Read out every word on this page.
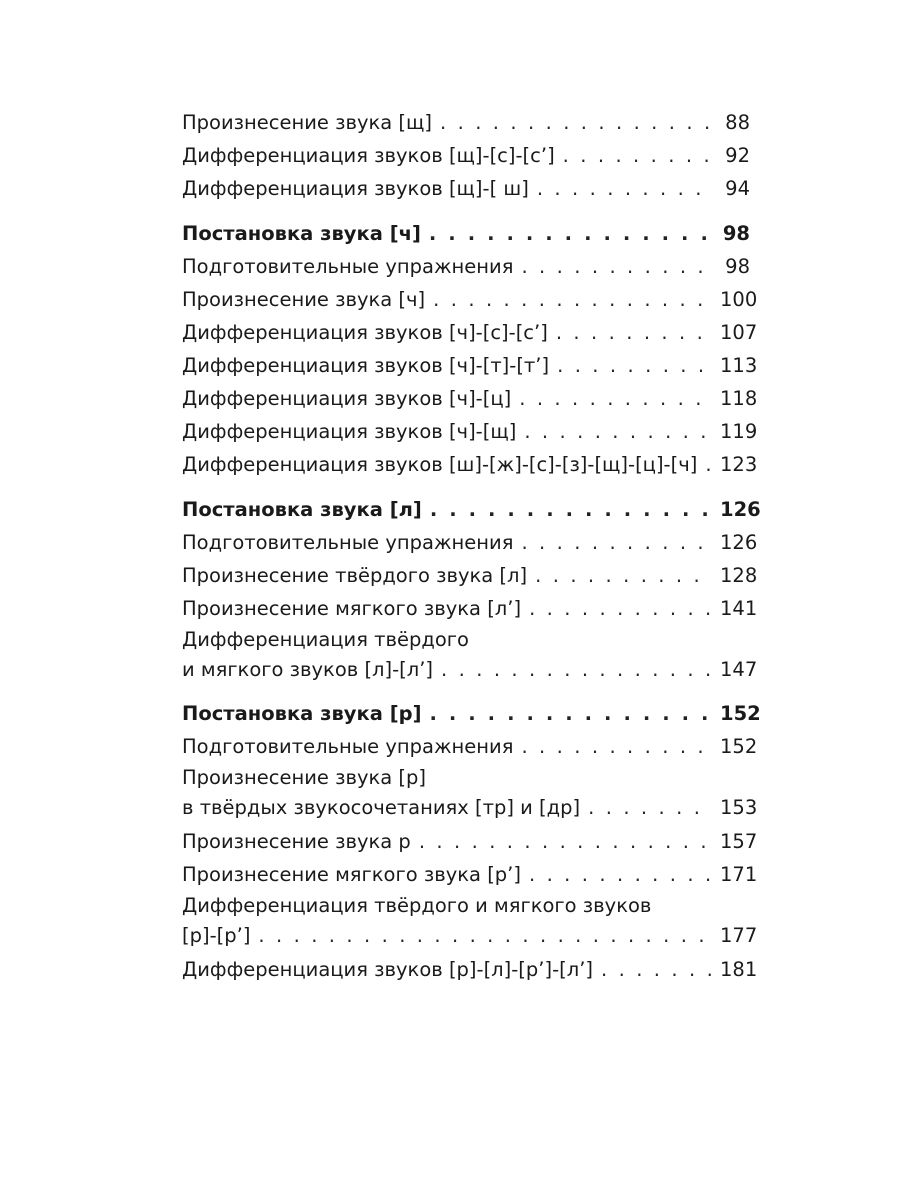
Произнесение звука [щ] . . .	88
Дифференциация звуков [щ]-[с]-[с’] . . .	92
Дифференциация звуков [щ]-[ ш] . . .	94
Постановка звука [ч] . . .	98
Подготовительные упражнения . . .	98
Произнесение звука [ч] . . .	100
Дифференциация звуков [ч]-[с]-[с’] . . .	107
Дифференциация звуков [ч]-[т]-[т’] . . .	113
Дифференциация звуков [ч]-[ц] . . .	118
Дифференциация звуков [ч]-[щ] . . .	119
Дифференциация звуков [ш]-[ж]-[с]-[з]-[щ]-[ц]-[ч] . . . 123
Постановка звука [л] . . .	126
Подготовительные упражнения . . .	126
Произнесение твёрдого звука [л] . . .	128
Произнесение мягкого звука [л’] . . .	141
Дифференциация твёрдого
и мягкого звуков [л]-[л’] . . .	147
Постановка звука [р] . . .	152
Подготовительные упражнения . . .	152
Произнесение звука [р]
в твёрдых звукосочетаниях [тр] и [др] . . .	153
Произнесение звука р . . .	157
Произнесение мягкого звука [р’] . . .	171
Дифференциация твёрдого и мягкого звуков
[р]-[р’] . . .	177
Дифференциация звуков [р]-[л]-[р’]-[л’] . . .	181
